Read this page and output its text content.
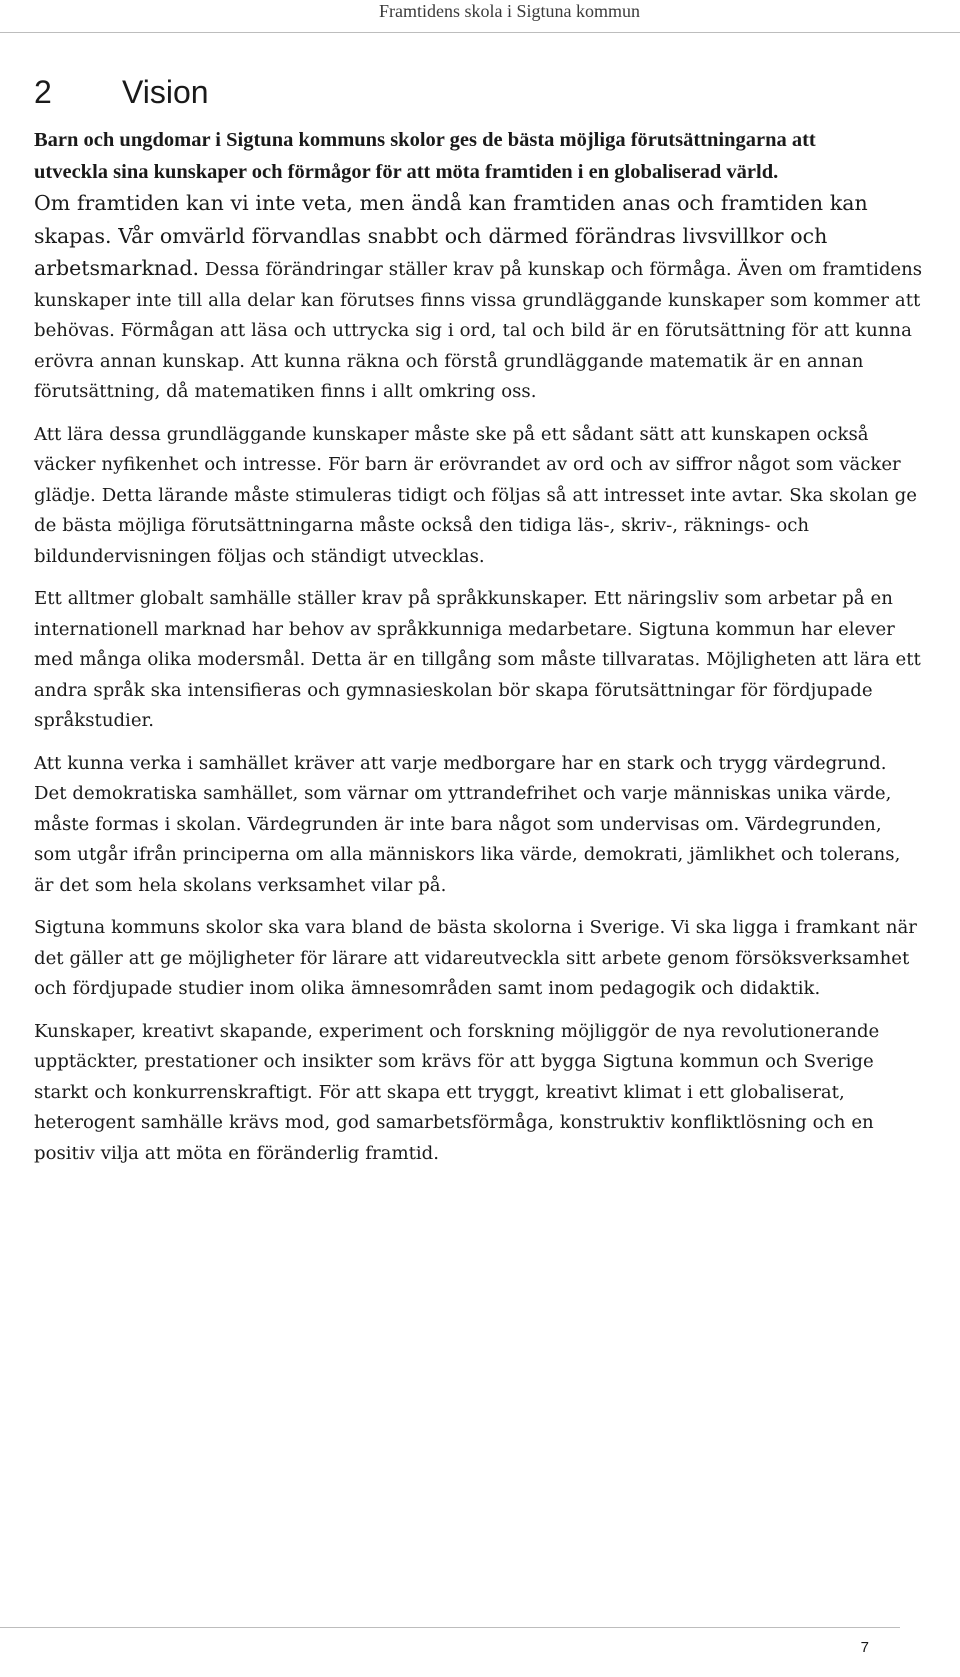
Framtidens skola i Sigtuna kommun
2 Vision

Barn och ungdomar i Sigtuna kommuns skolor ges de bästa möjliga förutsättningarna att utveckla sina kunskaper och förmågor för att möta framtiden i en globaliserad värld.

Om framtiden kan vi inte veta, men ändå kan framtiden anas och framtiden kan skapas. Vår omvärld förvandlas snabbt och därmed förändras livsvillkor och arbetsmarknad. Dessa förändringar ställer krav på kunskap och förmåga. Även om framtidens kunskaper inte till alla delar kan förutses finns vissa grundläggande kunskaper som kommer att behövas. Förmågan att läsa och uttrycka sig i ord, tal och bild är en förutsättning för att kunna erövra annan kunskap. Att kunna räkna och förstå grundläggande matematik är en annan förutsättning, då matematiken finns i allt omkring oss.

Att lära dessa grundläggande kunskaper måste ske på ett sådant sätt att kunskapen också väcker nyfikenhet och intresse. För barn är erövrandet av ord och av siffror något som väcker glädje. Detta lärande måste stimuleras tidigt och följas så att intresset inte avtar. Ska skolan ge de bästa möjliga förutsättningarna måste också den tidiga läs-, skriv-, räknings- och bildundervisningen följas och ständigt utvecklas.

Ett alltmer globalt samhälle ställer krav på språkkunskaper. Ett näringsliv som arbetar på en internationell marknad har behov av språkkunniga medarbetare. Sigtuna kommun har elever med många olika modersmål. Detta är en tillgång som måste tillvaratas. Möjligheten att lära ett andra språk ska intensifieras och gymnasieskolan bör skapa förutsättningar för fördjupade språkstudier.

Att kunna verka i samhället kräver att varje medborgare har en stark och trygg värdegrund. Det demokratiska samhället, som värnar om yttrandefrihet och varje människas unika värde, måste formas i skolan. Värdegrunden är inte bara något som undervisas om. Värdegrunden, som utgår ifrån principerna om alla människors lika värde, demokrati, jämlikhet och tolerans, är det som hela skolans verksamhet vilar på.

Sigtuna kommuns skolor ska vara bland de bästa skolorna i Sverige. Vi ska ligga i framkant när det gäller att ge möjligheter för lärare att vidareutveckla sitt arbete genom försöksverksamhet och fördjupade studier inom olika ämnesområden samt inom pedagogik och didaktik.

Kunskaper, kreativt skapande, experiment och forskning möjliggör de nya revolutionerande upptäckter, prestationer och insikter som krävs för att bygga Sigtuna kommun och Sverige starkt och konkurrenskraftigt. För att skapa ett tryggt, kreativt klimat i ett globaliserat, heterogent samhälle krävs mod, god samarbetsförmåga, konstruktiv konfliktlösning och en positiv vilja att möta en föränderlig framtid.

7
